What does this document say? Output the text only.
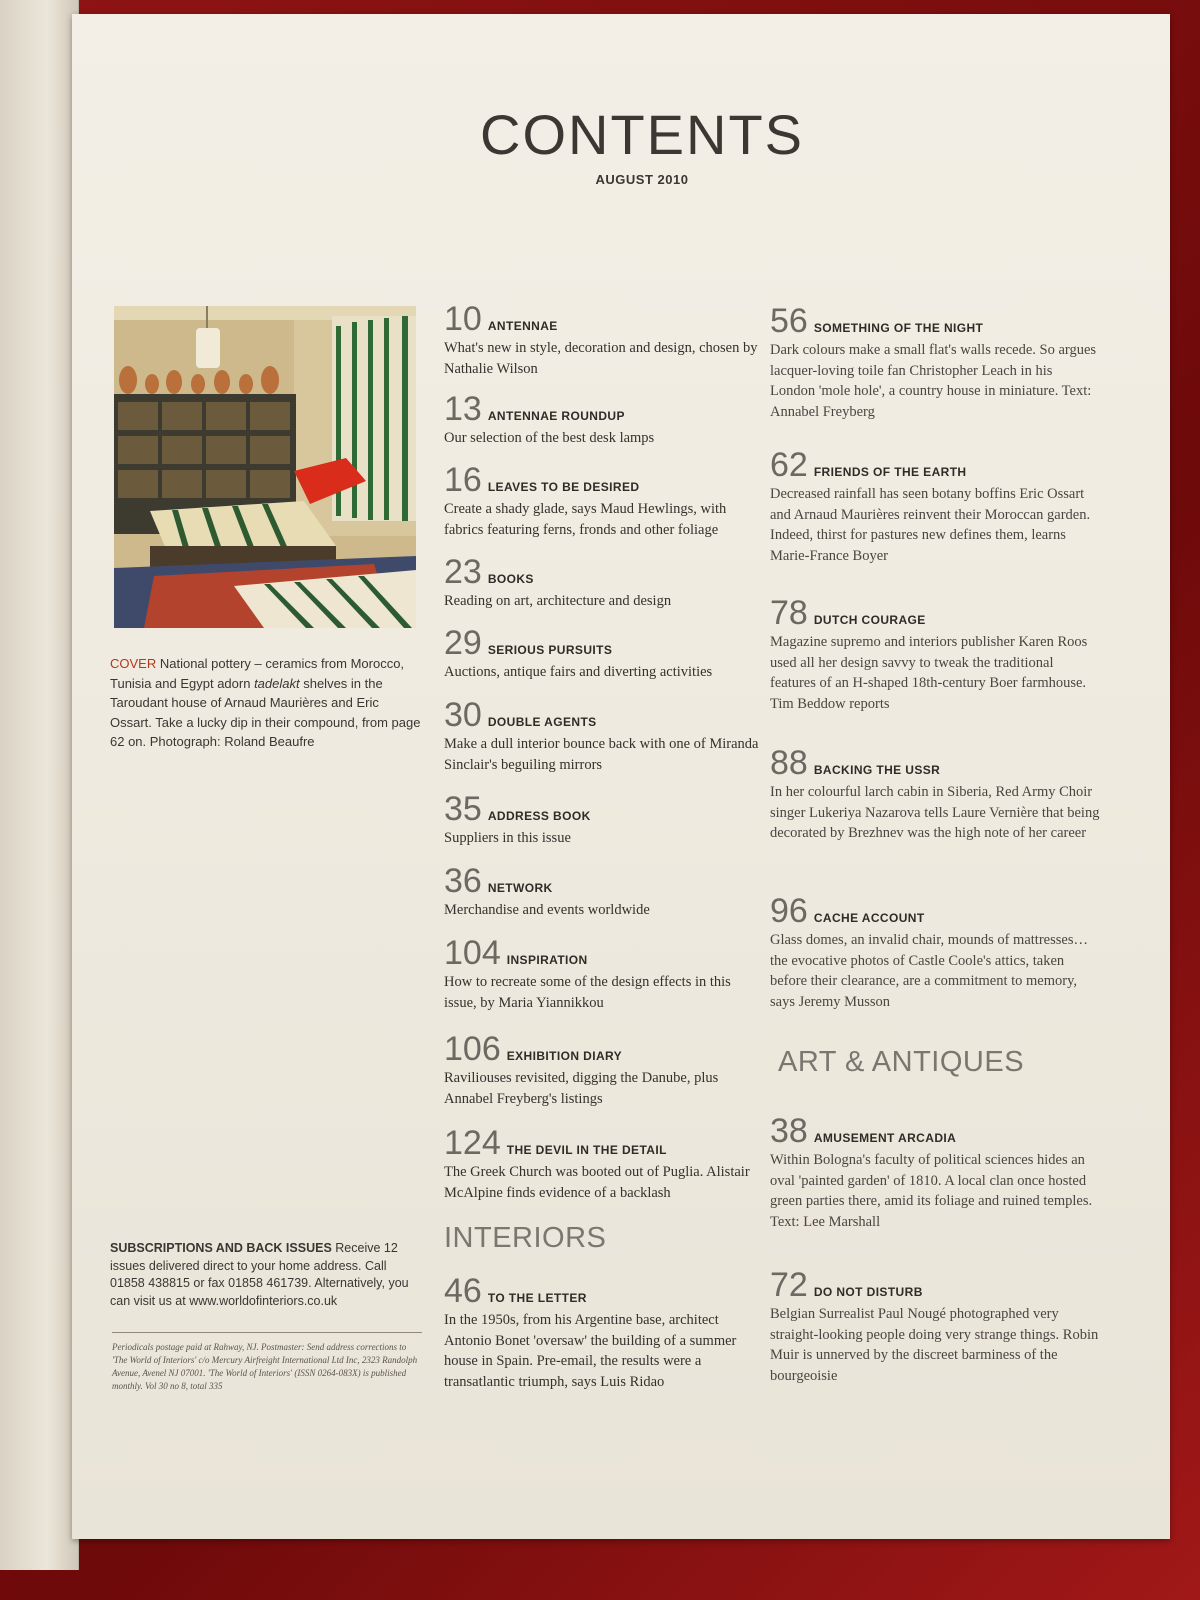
CONTENTS
AUGUST 2010
COVER National pottery – ceramics from Morocco, Tunisia and Egypt adorn tadelakt shelves in the Taroudant house of Arnaud Maurières and Eric Ossart. Take a lucky dip in their compound, from page 62 on. Photograph: Roland Beaufre
SUBSCRIPTIONS AND BACK ISSUES Receive 12 issues delivered direct to your home address. Call 01858 438815 or fax 01858 461739. Alternatively, you can visit us at www.worldofinteriors.co.uk
Periodicals postage paid at Rahway, NJ. Postmaster: Send address corrections to 'The World of Interiors' c/o Mercury Airfreight International Ltd Inc, 2323 Randolph Avenue, Avenel NJ 07001. 'The World of Interiors' (ISSN 0264-083X) is published monthly. Vol 30 no 8, total 335
10 ANTENNAE
What's new in style, decoration and design, chosen by Nathalie Wilson
13 ANTENNAE ROUNDUP
Our selection of the best desk lamps
16 LEAVES TO BE DESIRED
Create a shady glade, says Maud Hewlings, with fabrics featuring ferns, fronds and other foliage
23 BOOKS
Reading on art, architecture and design
29 SERIOUS PURSUITS
Auctions, antique fairs and diverting activities
30 DOUBLE AGENTS
Make a dull interior bounce back with one of Miranda Sinclair's beguiling mirrors
35 ADDRESS BOOK
Suppliers in this issue
36 NETWORK
Merchandise and events worldwide
104 INSPIRATION
How to recreate some of the design effects in this issue, by Maria Yiannikkou
106 EXHIBITION DIARY
Raviliouses revisited, digging the Danube, plus Annabel Freyberg's listings
124 THE DEVIL IN THE DETAIL
The Greek Church was booted out of Puglia. Alistair McAlpine finds evidence of a backlash
INTERIORS
46 TO THE LETTER
In the 1950s, from his Argentine base, architect Antonio Bonet 'oversaw' the building of a summer house in Spain. Pre-email, the results were a transatlantic triumph, says Luis Ridao
56 SOMETHING OF THE NIGHT
Dark colours make a small flat's walls recede. So argues lacquer-loving toile fan Christopher Leach in his London 'mole hole', a country house in miniature. Text: Annabel Freyberg
62 FRIENDS OF THE EARTH
Decreased rainfall has seen botany boffins Eric Ossart and Arnaud Maurières reinvent their Moroccan garden. Indeed, thirst for pastures new defines them, learns Marie-France Boyer
78 DUTCH COURAGE
Magazine supremo and interiors publisher Karen Roos used all her design savvy to tweak the traditional features of an H-shaped 18th-century Boer farmhouse. Tim Beddow reports
88 BACKING THE USSR
In her colourful larch cabin in Siberia, Red Army Choir singer Lukeriya Nazarova tells Laure Vernière that being decorated by Brezhnev was the high note of her career
96 CACHE ACCOUNT
Glass domes, an invalid chair, mounds of mattresses… the evocative photos of Castle Coole's attics, taken before their clearance, are a commitment to memory, says Jeremy Musson
ART & ANTIQUES
38 AMUSEMENT ARCADIA
Within Bologna's faculty of political sciences hides an oval 'painted garden' of 1810. A local clan once hosted green parties there, amid its foliage and ruined temples. Text: Lee Marshall
72 DO NOT DISTURB
Belgian Surrealist Paul Nougé photographed very straight-looking people doing very strange things. Robin Muir is unnerved by the discreet barminess of the bourgeoisie
